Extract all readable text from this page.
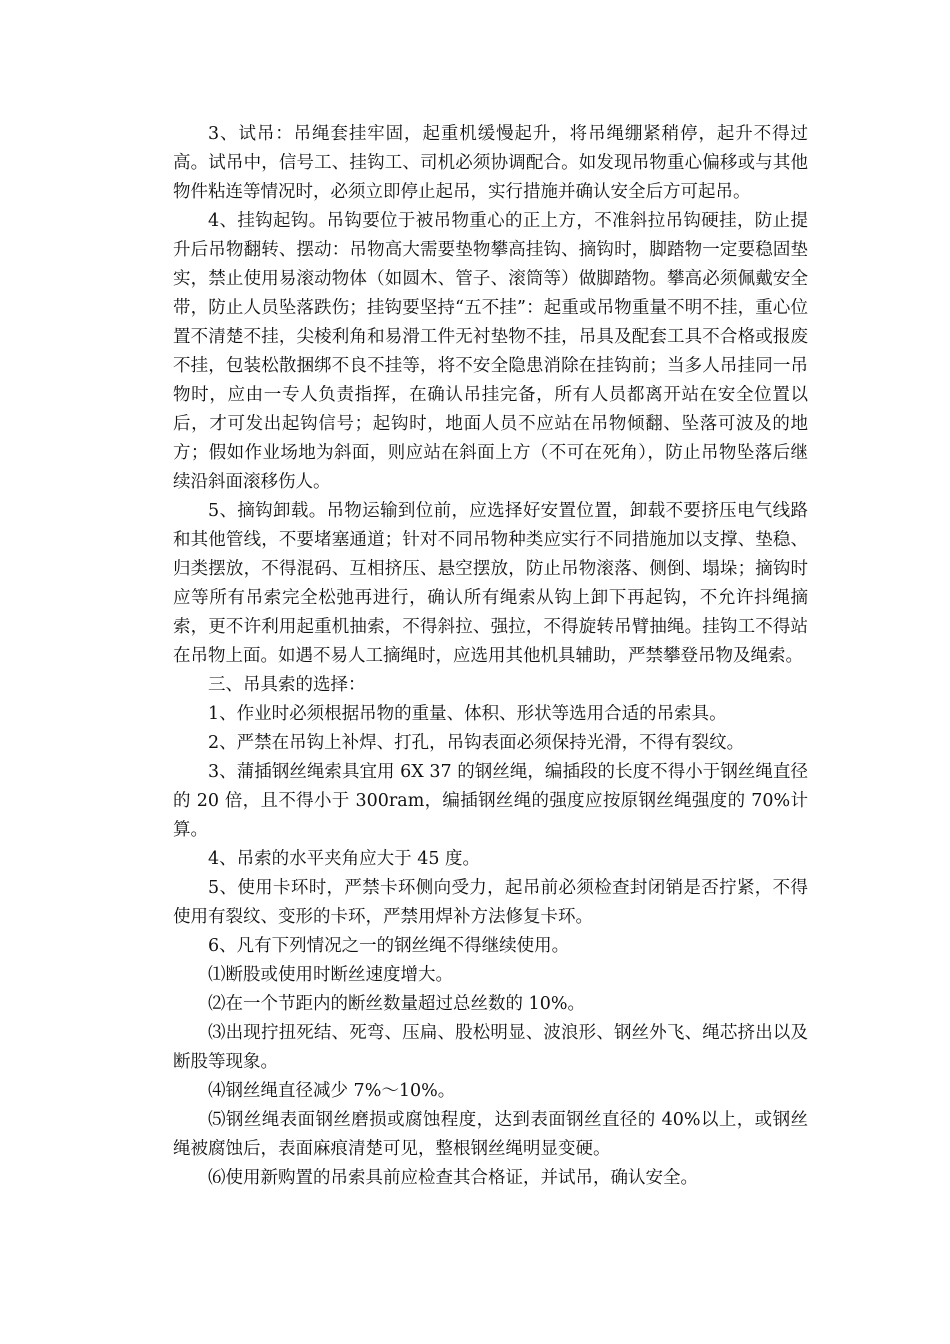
3、试吊：吊绳套挂牢固，起重机缓慢起升，将吊绳绷紧稍停，起升不得过高。试吊中，信号工、挂钩工、司机必须协调配合。如发现吊物重心偏移或与其他物件粘连等情况时，必须立即停止起吊，实行措施并确认安全后方可起吊。

4、挂钩起钩。吊钩要位于被吊物重心的正上方，不准斜拉吊钩硬挂，防止提升后吊物翻转、摆动：吊物高大需要垫物攀高挂钩、摘钩时，脚踏物一定要稳固垫实，禁止使用易滚动物体（如圆木、管子、滚筒等）做脚踏物。攀高必须佩戴安全带，防止人员坠落跌伤；挂钩要坚持“五不挂”：起重或吊物重量不明不挂，重心位置不清楚不挂，尖棱利角和易滑工件无衬垫物不挂，吊具及配套工具不合格或报废不挂，包装松散捆绑不良不挂等，将不安全隐患消除在挂钩前；当多人吊挂同一吊物时，应由一专人负责指挥，在确认吊挂完备，所有人员都离开站在安全位置以后，才可发出起钩信号；起钩时，地面人员不应站在吊物倾翻、坠落可波及的地方；假如作业场地为斜面，则应站在斜面上方（不可在死角），防止吊物坠落后继续沿斜面滚移伤人。

5、摘钩卸载。吊物运输到位前，应选择好安置位置，卸载不要挤压电气线路和其他管线，不要堵塞通道；针对不同吊物种类应实行不同措施加以支撑、垫稳、归类摆放，不得混码、互相挤压、悬空摆放，防止吊物滚落、侧倒、塌垛；摘钩时应等所有吊索完全松弛再进行，确认所有绳索从钩上卸下再起钩，不允许抖绳摘索，更不许利用起重机抽索，不得斜拉、强拉，不得旋转吊臂抽绳。挂钩工不得站在吊物上面。如遇不易人工摘绳时，应选用其他机具辅助，严禁攀登吊物及绳索。

三、吊具索的选择：

1、作业时必须根据吊物的重量、体积、形状等选用合适的吊索具。

2、严禁在吊钩上补焊、打孔，吊钩表面必须保持光滑，不得有裂纹。

3、蒲插钢丝绳索具宜用 6X 37 的钢丝绳，编插段的长度不得小于钢丝绳直径的 20 倍，且不得小于 300ram，编插钢丝绳的强度应按原钢丝绳强度的 70%计算。

4、吊索的水平夹角应大于 45 度。

5、使用卡环时，严禁卡环侧向受力，起吊前必须检查封闭销是否拧紧，不得使用有裂纹、变形的卡环，严禁用焊补方法修复卡环。

6、凡有下列情况之一的钢丝绳不得继续使用。

⑴断股或使用时断丝速度增大。

⑵在一个节距内的断丝数量超过总丝数的 10%。

⑶出现拧扭死结、死弯、压扁、股松明显、波浪形、钢丝外飞、绳芯挤出以及断股等现象。

⑷钢丝绳直径减少 7%～10%。

⑸钢丝绳表面钢丝磨损或腐蚀程度，达到表面钢丝直径的 40%以上，或钢丝绳被腐蚀后，表面麻痕清楚可见，整根钢丝绳明显变硬。

⑹使用新购置的吊索具前应检查其合格证，并试吊，确认安全。
